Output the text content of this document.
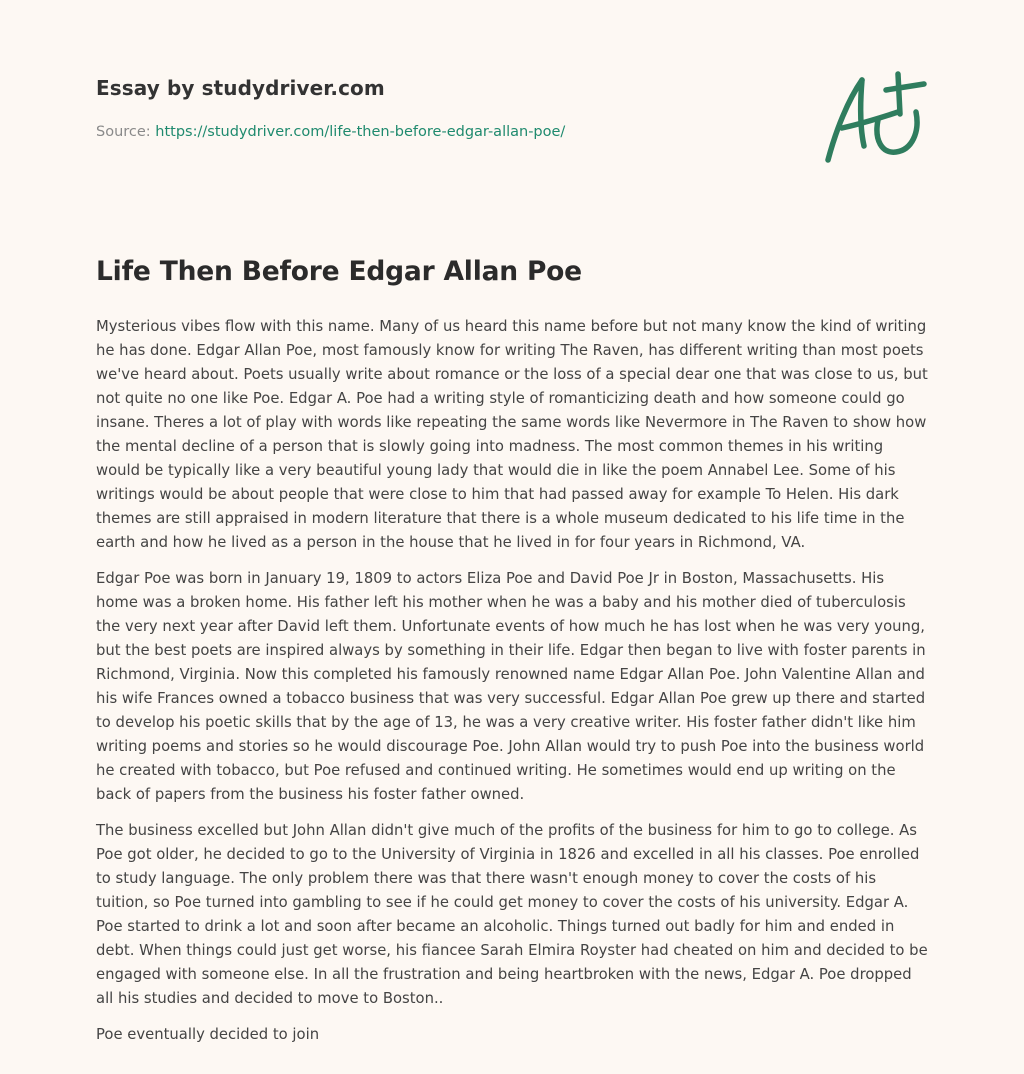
Essay by studydriver.com
Source: https://studydriver.com/life-then-before-edgar-allan-poe/
Life Then Before Edgar Allan Poe

Mysterious vibes flow with this name. Many of us heard this name before but not many know the kind of writing he has done. Edgar Allan Poe, most famously know for writing The Raven, has different writing than most poets we've heard about. Poets usually write about romance or the loss of a special dear one that was close to us, but not quite no one like Poe. Edgar A. Poe had a writing style of romanticizing death and how someone could go insane. Theres a lot of play with words like repeating the same words like Nevermore in The Raven to show how the mental decline of a person that is slowly going into madness. The most common themes in his writing would be typically like a very beautiful young lady that would die in like the poem Annabel Lee. Some of his writings would be about people that were close to him that had passed away for example To Helen. His dark themes are still appraised in modern literature that there is a whole museum dedicated to his life time in the earth and how he lived as a person in the house that he lived in for four years in Richmond, VA.

Edgar Poe was born in January 19, 1809 to actors Eliza Poe and David Poe Jr in Boston, Massachusetts. His home was a broken home. His father left his mother when he was a baby and his mother died of tuberculosis the very next year after David left them. Unfortunate events of how much he has lost when he was very young, but the best poets are inspired always by something in their life. Edgar then began to live with foster parents in Richmond, Virginia. Now this completed his famously renowned name Edgar Allan Poe. John Valentine Allan and his wife Frances owned a tobacco business that was very successful. Edgar Allan Poe grew up there and started to develop his poetic skills that by the age of 13, he was a very creative writer. His foster father didn't like him writing poems and stories so he would discourage Poe. John Allan would try to push Poe into the business world he created with tobacco, but Poe refused and continued writing. He sometimes would end up writing on the back of papers from the business his foster father owned.

The business excelled but John Allan didn't give much of the profits of the business for him to go to college. As Poe got older, he decided to go to the University of Virginia in 1826 and excelled in all his classes. Poe enrolled to study language. The only problem there was that there wasn't enough money to cover the costs of his tuition, so Poe turned into gambling to see if he could get money to cover the costs of his university. Edgar A. Poe started to drink a lot and soon after became an alcoholic. Things turned out badly for him and ended in debt. When things could just get worse, his fiancee Sarah Elmira Royster had cheated on him and decided to be engaged with someone else. In all the frustration and being heartbroken with the news, Edgar A. Poe dropped all his studies and decided to move to Boston..

Poe eventually decided to join
